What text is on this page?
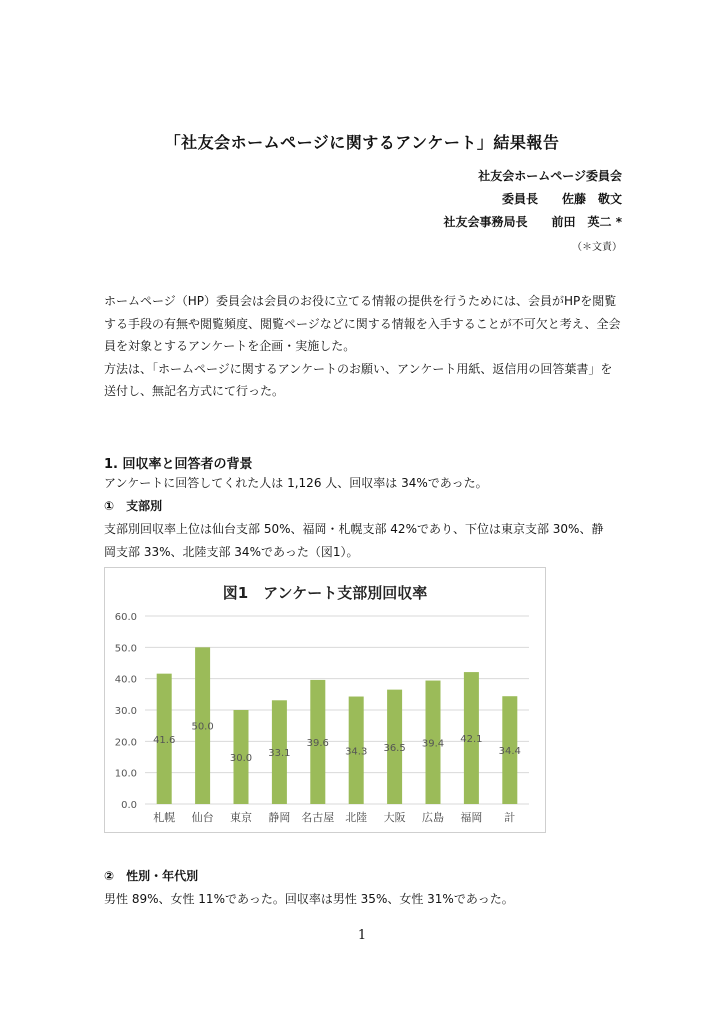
「社友会ホームページに関するアンケート」結果報告
社友会ホームページ委員会
委員長　　佐藤　敬文
社友会事務局長　　前田　英二 *
（＊文責）

ホームページ（HP）委員会は会員のお役に立てる情報の提供を行うためには、会員がHPを閲覧する手段の有無や閲覧頻度、閲覧ページなどに関する情報を入手することが不可欠と考え、全会員を対象とするアンケートを企画・実施した。

方法は、「ホームページに関するアンケートのお願い、アンケート用紙、返信用の回答葉書」を送付し、無記名方式にて行った。

1. 回収率と回答者の背景
アンケートに回答してくれた人は 1,126 人、回収率は 34%であった。
①　支部別
支部別回収率上位は仙台支部 50%、福岡・札幌支部 42%であり、下位は東京支部 30%、静
岡支部 33%、北陸支部 34%であった（図1）。
図1　アンケート支部別回収率
0.0
10.0
20.0
30.0
40.0
50.0
60.0
41.6
札幌
50.0
仙台
30.0
東京
33.1
静岡
39.6
名古屋
34.3
北陸
36.5
大阪
39.4
広島
42.1
福岡
34.4
計
②　性別・年代別
男性 89%、女性 11%であった。回収率は男性 35%、女性 31%であった。
1
